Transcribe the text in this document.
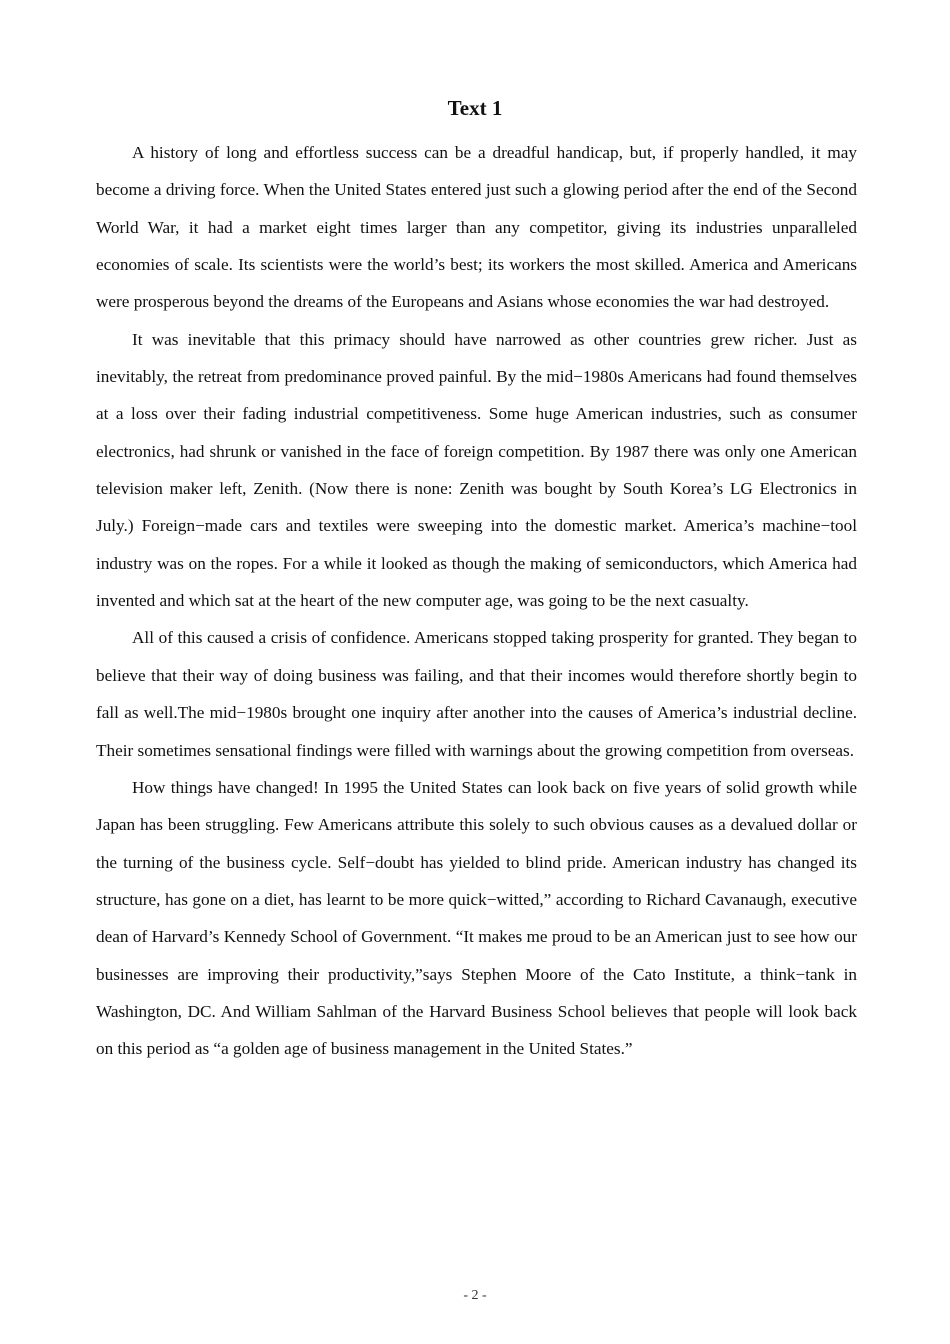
Text 1

A history of long and effortless success can be a dreadful handicap, but, if properly handled, it may become a driving force. When the United States entered just such a glowing period after the end of the Second World War, it had a market eight times larger than any competitor, giving its industries unparalleled economies of scale. Its scientists were the world’s best; its workers the most skilled. America and Americans were prosperous beyond the dreams of the Europeans and Asians whose economies the war had destroyed.

It was inevitable that this primacy should have narrowed as other countries grew richer. Just as inevitably, the retreat from predominance proved painful. By the mid−1980s Americans had found themselves at a loss over their fading industrial competitiveness. Some huge American industries, such as consumer electronics, had shrunk or vanished in the face of foreign competition. By 1987 there was only one American television maker left, Zenith. (Now there is none: Zenith was bought by South Korea’s LG Electronics in July.) Foreign−made cars and textiles were sweeping into the domestic market. America’s machine−tool industry was on the ropes. For a while it looked as though the making of semiconductors, which America had invented and which sat at the heart of the new computer age, was going to be the next casualty.

All of this caused a crisis of confidence. Americans stopped taking prosperity for granted. They began to believe that their way of doing business was failing, and that their incomes would therefore shortly begin to fall as well.The mid−1980s brought one inquiry after another into the causes of America’s industrial decline. Their sometimes sensational findings were filled with warnings about the growing competition from overseas.

How things have changed! In 1995 the United States can look back on five years of solid growth while Japan has been struggling. Few Americans attribute this solely to such obvious causes as a devalued dollar or the turning of the business cycle. Self−doubt has yielded to blind pride. American industry has changed its structure, has gone on a diet, has learnt to be more quick−witted,” according to Richard Cavanaugh, executive dean of Harvard’s Kennedy School of Government. “It makes me proud to be an American just to see how our businesses are improving their productivity,”says Stephen Moore of the Cato Institute, a think−tank in Washington, DC. And William Sahlman of the Harvard Business School believes that people will look back on this period as “a golden age of business management in the United States.”

- 2 -
